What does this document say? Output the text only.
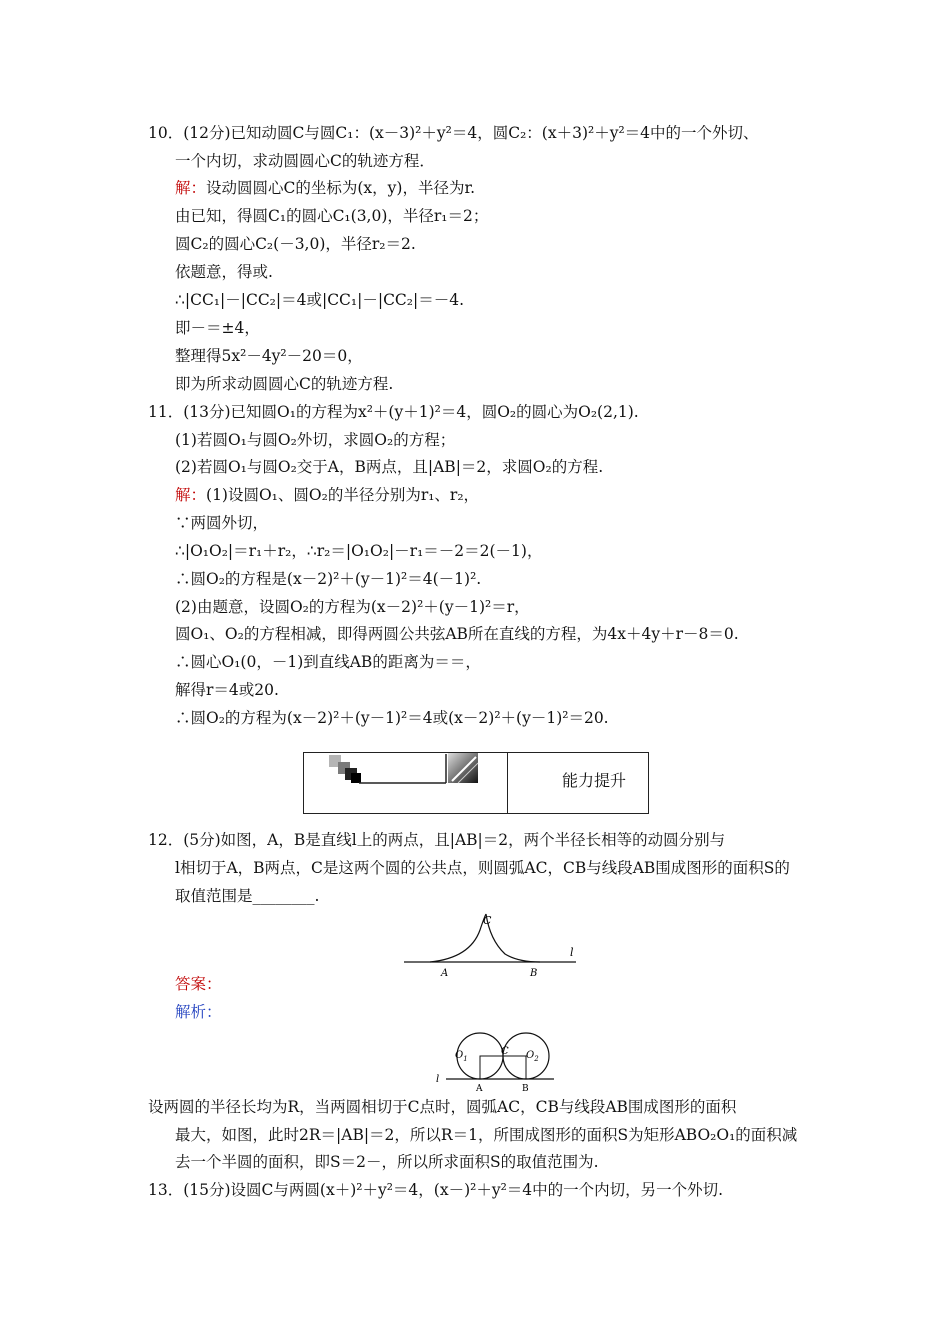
10．(12分)已知动圆C与圆C₁：(x－3)²＋y²＝4，圆C₂：(x＋3)²＋y²＝4中的一个外切、
一个内切，求动圆圆心C的轨迹方程．
解：设动圆圆心C的坐标为(x，y)，半径为r.
由已知，得圆C₁的圆心C₁(3,0)，半径r₁＝2；
圆C₂的圆心C₂(－3,0)，半径r₂＝2.
依题意，得或.
∴|CC₁|－|CC₂|＝4或|CC₁|－|CC₂|＝－4.
即－＝±4，
整理得5x²－4y²－20＝0，
即为所求动圆圆心C的轨迹方程.
11．(13分)已知圆O₁的方程为x²＋(y＋1)²＝4，圆O₂的圆心为O₂(2,1).
(1)若圆O₁与圆O₂外切，求圆O₂的方程；
(2)若圆O₁与圆O₂交于A，B两点，且|AB|＝2，求圆O₂的方程.
解：(1)设圆O₁、圆O₂的半径分别为r₁、r₂，
∵两圆外切，
∴|O₁O₂|＝r₁＋r₂，∴r₂＝|O₁O₂|－r₁＝－2＝2(－1)，
∴圆O₂的方程是(x－2)²＋(y－1)²＝4(－1)².
(2)由题意，设圆O₂的方程为(x－2)²＋(y－1)²＝r，
圆O₁、O₂的方程相减，即得两圆公共弦AB所在直线的方程，为4x＋4y＋r－8＝0.
∴圆心O₁(0，－1)到直线AB的距离为＝＝，
解得r＝4或20.
∴圆O₂的方程为(x－2)²＋(y－1)²＝4或(x－2)²＋(y－1)²＝20.
能力提升
12．(5分)如图，A，B是直线l上的两点，且|AB|＝2，两个半径长相等的动圆分别与
l相切于A，B两点，C是这两个圆的公共点，则圆弧AC，CB与线段AB围成图形的面积S的
取值范围是________.
C
A	B
l
答案：
解析：
$O_1$
C $O_2$
A	B
l
设两圆的半径长均为R，当两圆相切于C点时，圆弧AC，CB与线段AB围成图形的面积
最大，如图，此时2R＝|AB|＝2，所以R＝1，所围成图形的面积S为矩形ABO₂O₁的面积减
去一个半圆的面积，即S＝2－，所以所求面积S的取值范围为.
13．(15分)设圆C与两圆(x＋)²＋y²＝4，(x－)²＋y²＝4中的一个内切，另一个外切.
